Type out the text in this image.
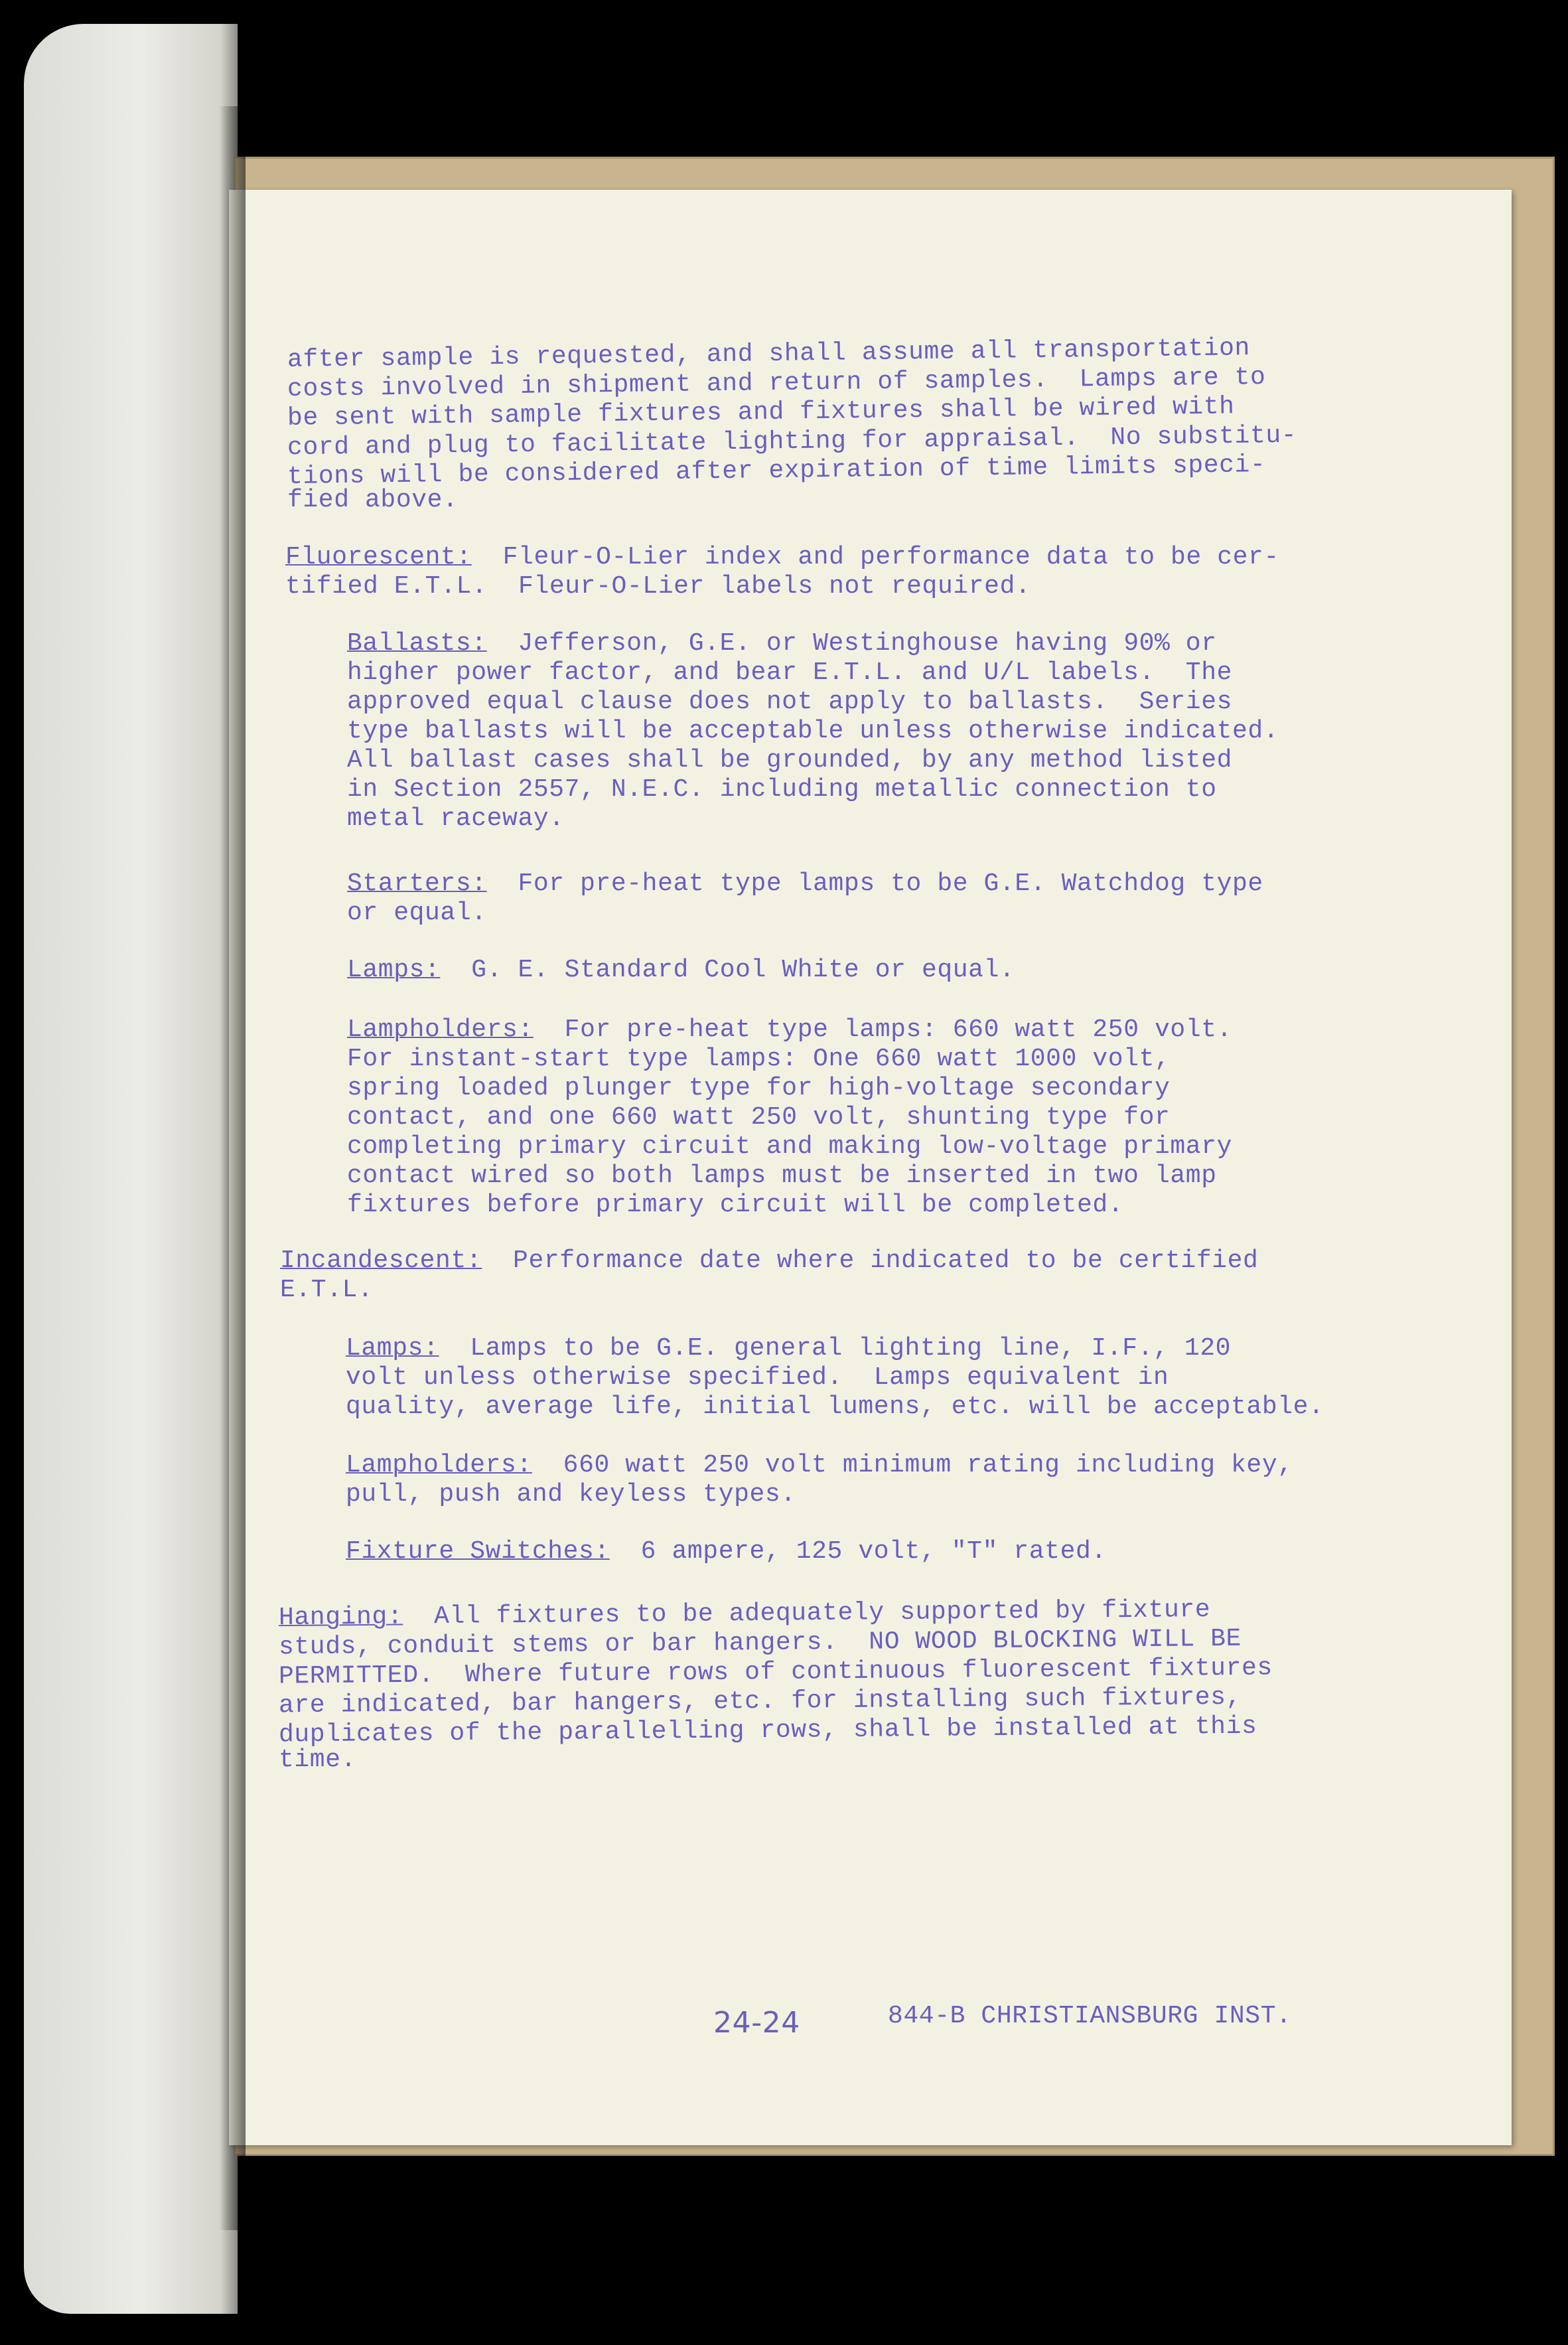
after sample is requested, and shall assume all transportation
costs involved in shipment and return of samples.  Lamps are to
be sent with sample fixtures and fixtures shall be wired with
cord and plug to facilitate lighting for appraisal.  No substitu-
tions will be considered after expiration of time limits speci-
fied above.
Fluorescent:  Fleur-O-Lier index and performance data to be cer-
tified E.T.L.  Fleur-O-Lier labels not required.
Ballasts:  Jefferson, G.E. or Westinghouse having 90% or
higher power factor, and bear E.T.L. and U/L labels.  The
approved equal clause does not apply to ballasts.  Series
type ballasts will be acceptable unless otherwise indicated.
All ballast cases shall be grounded, by any method listed
in Section 2557, N.E.C. including metallic connection to
metal raceway.
Starters:  For pre-heat type lamps to be G.E. Watchdog type
or equal.
Lamps:  G. E. Standard Cool White or equal.
Lampholders:  For pre-heat type lamps: 660 watt 250 volt.
For instant-start type lamps: One 660 watt 1000 volt,
spring loaded plunger type for high-voltage secondary
contact, and one 660 watt 250 volt, shunting type for
completing primary circuit and making low-voltage primary
contact wired so both lamps must be inserted in two lamp
fixtures before primary circuit will be completed.
Incandescent:  Performance date where indicated to be certified
E.T.L.
Lamps:  Lamps to be G.E. general lighting line, I.F., 120
volt unless otherwise specified.  Lamps equivalent in
quality, average life, initial lumens, etc. will be acceptable.
Lampholders:  660 watt 250 volt minimum rating including key,
pull, push and keyless types.
Fixture Switches:  6 ampere, 125 volt, "T" rated.
Hanging:  All fixtures to be adequately supported by fixture
studs, conduit stems or bar hangers.  NO WOOD BLOCKING WILL BE
PERMITTED.  Where future rows of continuous fluorescent fixtures
are indicated, bar hangers, etc. for installing such fixtures,
duplicates of the parallelling rows, shall be installed at this
time.
24-24	844-B CHRISTIANSBURG INST.
